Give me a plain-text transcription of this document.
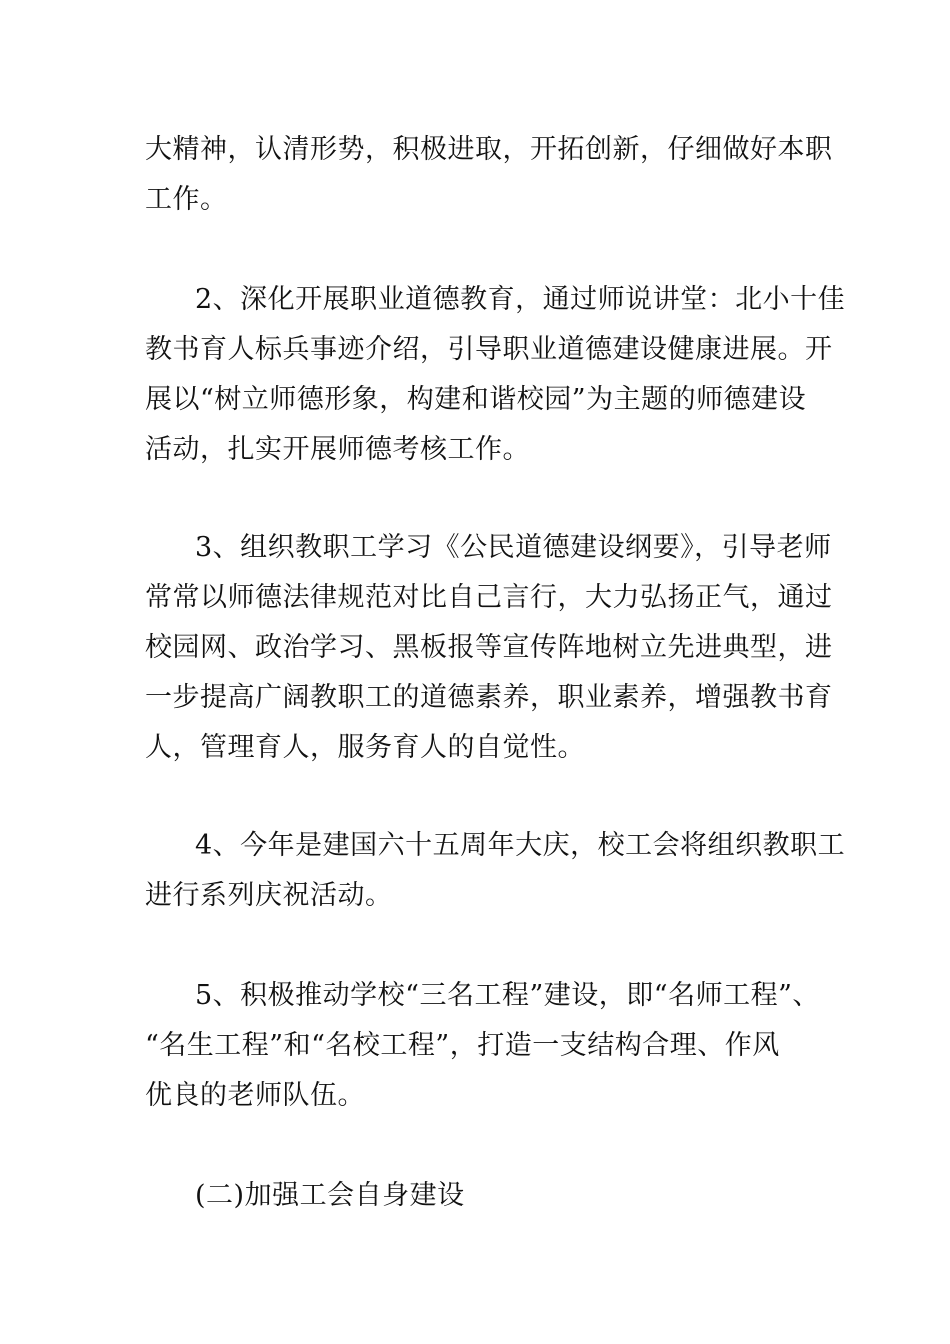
大精神，认清形势，积极进取，开拓创新，仔细做好本职
工作。
2、深化开展职业道德教育，通过师说讲堂：北小十佳
教书育人标兵事迹介绍，引导职业道德建设健康进展。开
展以“树立师德形象，构建和谐校园”为主题的师德建设
活动，扎实开展师德考核工作。
3、组织教职工学习《公民道德建设纲要》，引导老师
常常以师德法律规范对比自己言行，大力弘扬正气，通过
校园网、政治学习、黑板报等宣传阵地树立先进典型，进
一步提高广阔教职工的道德素养，职业素养，增强教书育
人，管理育人，服务育人的自觉性。
4、今年是建国六十五周年大庆，校工会将组织教职工
进行系列庆祝活动。
5、积极推动学校“三名工程”建设，即“名师工程”、
“名生工程”和“名校工程”，打造一支结构合理、作风
优良的老师队伍。
(二)加强工会自身建设
